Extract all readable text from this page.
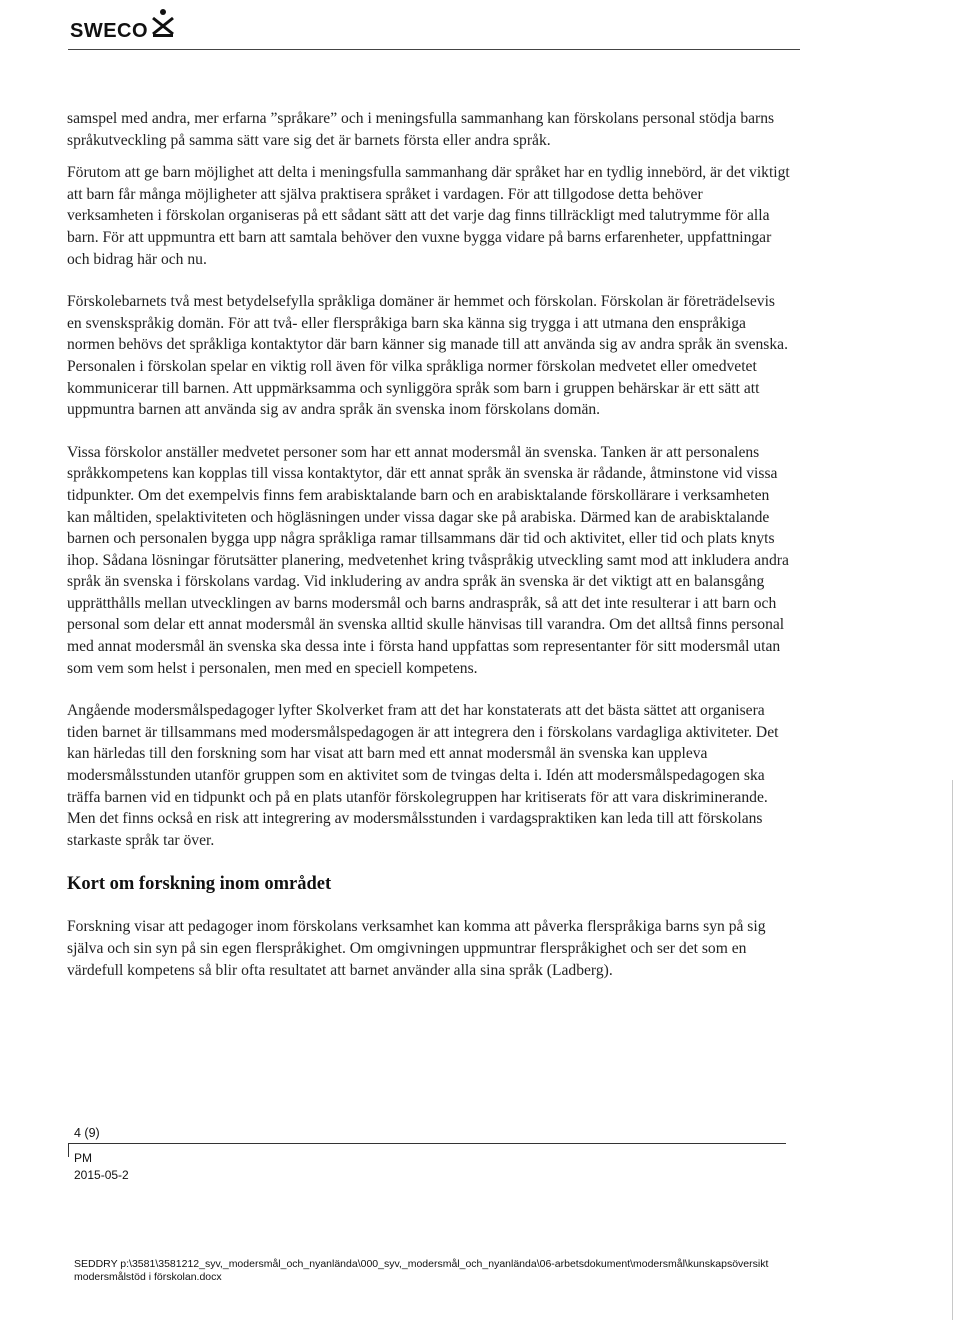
SWECO

samspel med andra, mer erfarna ”språkare” och i meningsfulla sammanhang kan förskolans personal stödja barns språkutveckling på samma sätt vare sig det är barnets första eller andra språk.

Förutom att ge barn möjlighet att delta i meningsfulla sammanhang där språket har en tydlig innebörd, är det viktigt att barn får många möjligheter att själva praktisera språket i vardagen. För att tillgodose detta behöver verksamheten i förskolan organiseras på ett sådant sätt att det varje dag finns tillräckligt med talutrymme för alla barn. För att uppmuntra ett barn att samtala behöver den vuxne bygga vidare på barns erfarenheter, uppfattningar och bidrag här och nu.

Förskolebarnets två mest betydelsefylla språkliga domäner är hemmet och förskolan. Förskolan är företrädelsevis en svenskspråkig domän. För att två- eller flerspråkiga barn ska känna sig trygga i att utmana den enspråkiga normen behövs det språkliga kontaktytor där barn känner sig manade till att använda sig av andra språk än svenska. Personalen i förskolan spelar en viktig roll även för vilka språkliga normer förskolan medvetet eller omedvetet kommunicerar till barnen. Att uppmärksamma och synliggöra språk som barn i gruppen behärskar är ett sätt att uppmuntra barnen att använda sig av andra språk än svenska inom förskolans domän.

Vissa förskolor anställer medvetet personer som har ett annat modersmål än svenska. Tanken är att personalens språkkompetens kan kopplas till vissa kontaktytor, där ett annat språk än svenska är rådande, åtminstone vid vissa tidpunkter. Om det exempelvis finns fem arabisktalande barn och en arabisktalande förskollärare i verksamheten kan måltiden, spelaktiviteten och högläsningen under vissa dagar ske på arabiska. Därmed kan de arabisktalande barnen och personalen bygga upp några språkliga ramar tillsammans där tid och aktivitet, eller tid och plats knyts ihop. Sådana lösningar förutsätter planering, medvetenhet kring tvåspråkig utveckling samt mod att inkludera andra språk än svenska i förskolans vardag. Vid inkludering av andra språk än svenska är det viktigt att en balansgång upprätthålls mellan utvecklingen av barns modersmål och barns andraspråk, så att det inte resulterar i att barn och personal som delar ett annat modersmål än svenska alltid skulle hänvisas till varandra. Om det alltså finns personal med annat modersmål än svenska ska dessa inte i första hand uppfattas som representanter för sitt modersmål utan som vem som helst i personalen, men med en speciell kompetens.

Angående modersmålspedagoger lyfter Skolverket fram att det har konstaterats att det bästa sättet att organisera tiden barnet är tillsammans med modersmålspedagogen är att integrera den i förskolans vardagliga aktiviteter. Det kan härledas till den forskning som har visat att barn med ett annat modersmål än svenska kan uppleva modersmålsstunden utanför gruppen som en aktivitet som de tvingas delta i. Idén att modersmålspedagogen ska träffa barnen vid en tidpunkt och på en plats utanför förskolegruppen har kritiserats för att vara diskriminerande. Men det finns också en risk att integrering av modersmålsstunden i vardagspraktiken kan leda till att förskolans starkaste språk tar över.

Kort om forskning inom området

Forskning visar att pedagoger inom förskolans verksamhet kan komma att påverka flerspråkiga barns syn på sig själva och sin syn på sin egen flerspråkighet. Om omgivningen uppmuntrar flerspråkighet och ser det som en värdefull kompetens så blir ofta resultatet att barnet använder alla sina språk (Ladberg).

4 (9)
PM
2015-05-2
SEDDRY p:\3581\3581212_syv,_modersmål_och_nyanlända\000_syv,_modersmål_och_nyanlända\06-arbetsdokument\modersmål\kunskapsöversikt modersmålstöd i förskolan.docx
